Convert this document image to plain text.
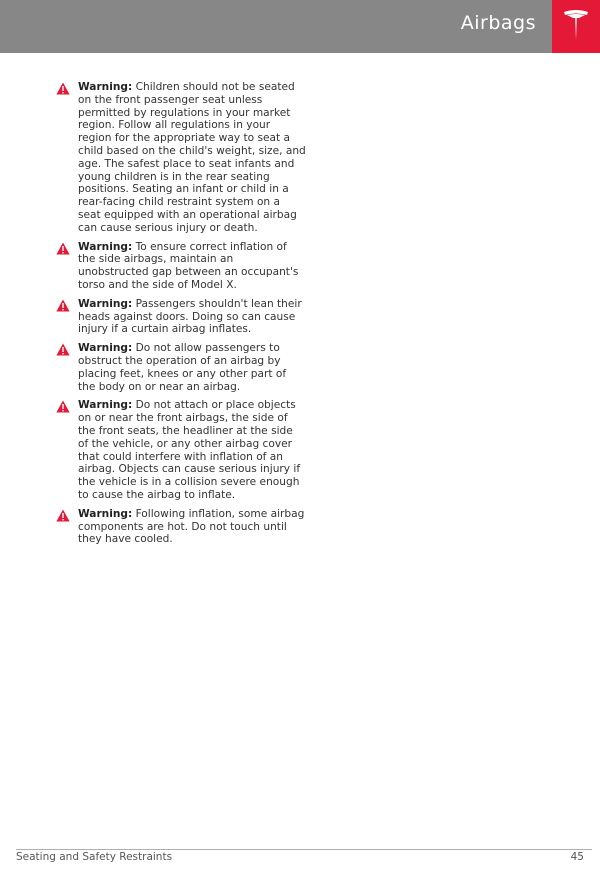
Airbags
Warning: Children should not be seated on the front passenger seat unless permitted by regulations in your market region. Follow all regulations in your region for the appropriate way to seat a child based on the child's weight, size, and age. The safest place to seat infants and young children is in the rear seating positions. Seating an infant or child in a rear-facing child restraint system on a seat equipped with an operational airbag can cause serious injury or death.
Warning: To ensure correct inflation of the side airbags, maintain an unobstructed gap between an occupant's torso and the side of Model X.
Warning: Passengers shouldn't lean their heads against doors. Doing so can cause injury if a curtain airbag inflates.
Warning: Do not allow passengers to obstruct the operation of an airbag by placing feet, knees or any other part of the body on or near an airbag.
Warning: Do not attach or place objects on or near the front airbags, the side of the front seats, the headliner at the side of the vehicle, or any other airbag cover that could interfere with inflation of an airbag. Objects can cause serious injury if the vehicle is in a collision severe enough to cause the airbag to inflate.
Warning: Following inflation, some airbag components are hot. Do not touch until they have cooled.
Seating and Safety Restraints	45
